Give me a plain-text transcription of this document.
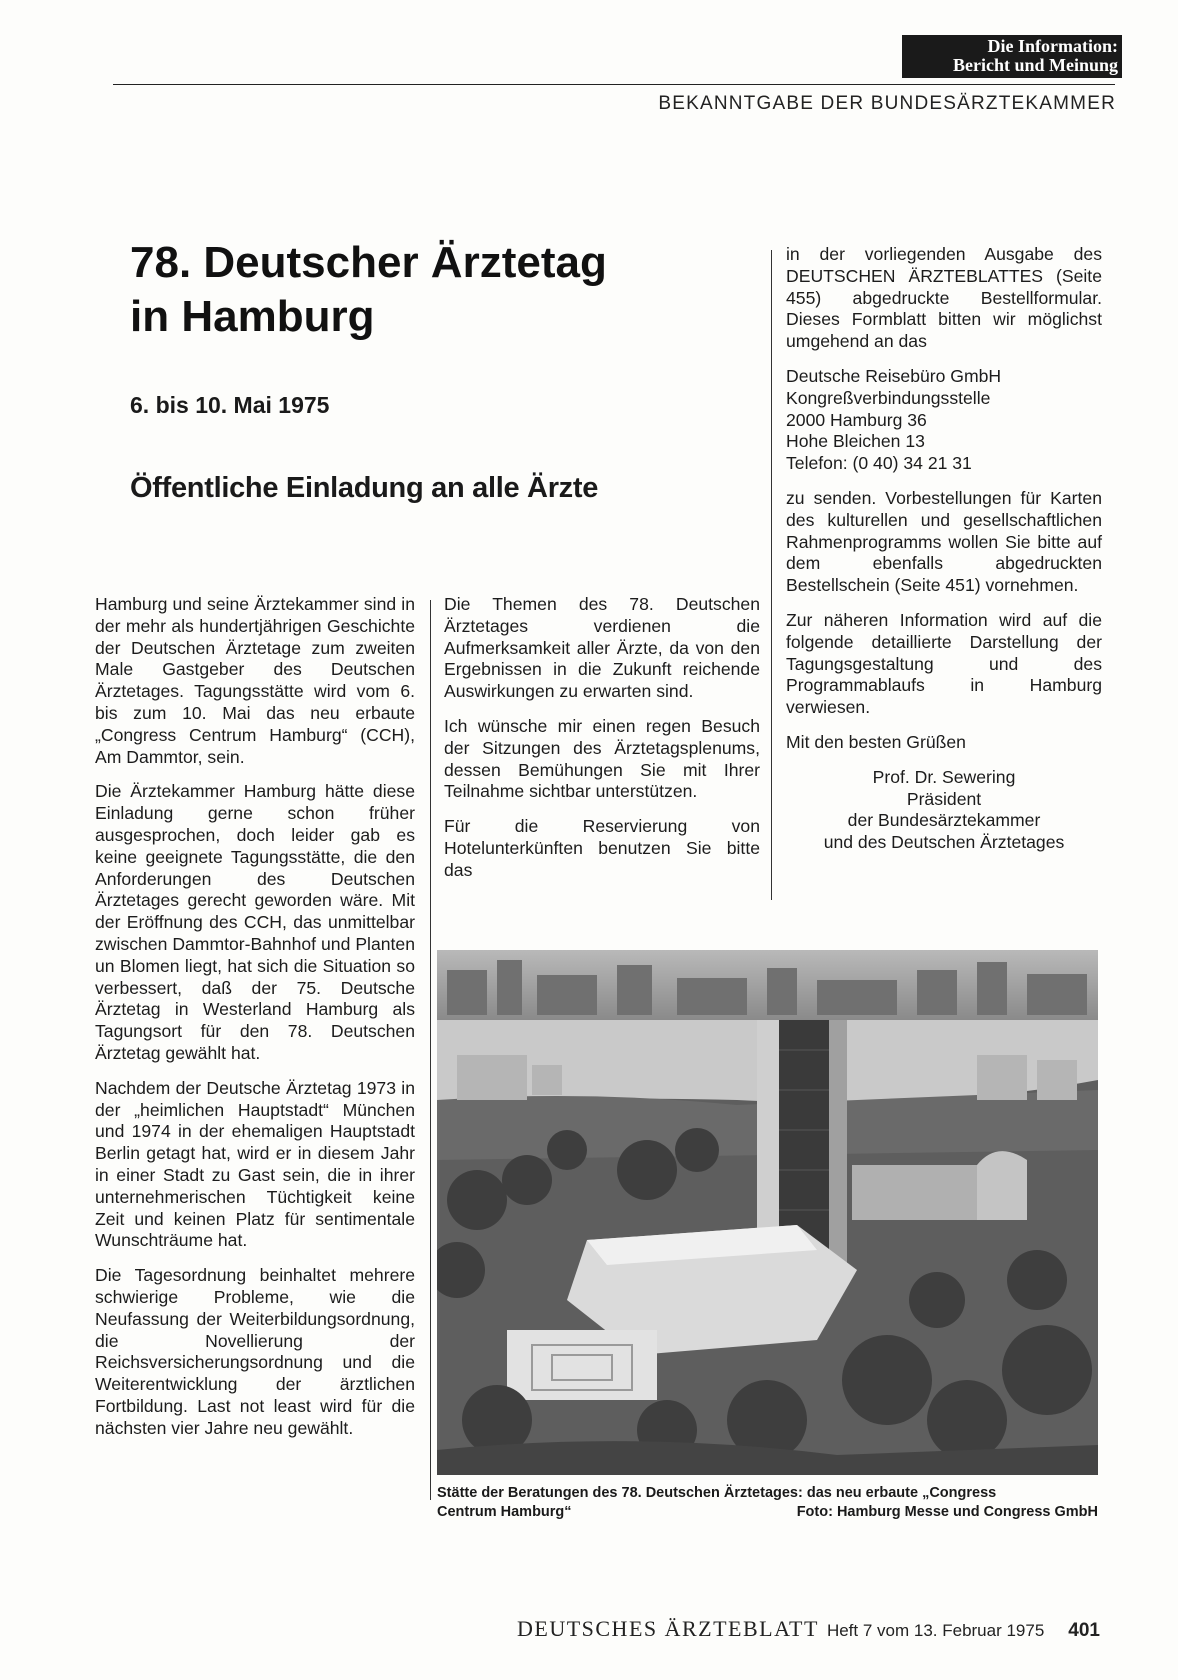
Die Information:
Bericht und Meinung
BEKANNTGABE DER BUNDESÄRZTEKAMMER
78. Deutscher Ärztetag
in Hamburg
6. bis 10. Mai 1975
Öffentliche Einladung an alle Ärzte

Hamburg und seine Ärztekammer sind in der mehr als hundertjährigen Geschichte der Deutschen Ärztetage zum zweiten Male Gastgeber des Deutschen Ärztetages. Tagungsstätte wird vom 6. bis zum 10. Mai das neu erbaute „Congress Centrum Hamburg“ (CCH), Am Dammtor, sein.

Die Ärztekammer Hamburg hätte diese Einladung gerne schon früher ausgesprochen, doch leider gab es keine geeignete Tagungsstätte, die den Anforderungen des Deutschen Ärztetages gerecht geworden wäre. Mit der Eröffnung des CCH, das unmittelbar zwischen Dammtor-Bahnhof und Planten un Blomen liegt, hat sich die Situation so verbessert, daß der 75. Deutsche Ärztetag in Westerland Hamburg als Tagungsort für den 78. Deutschen Ärztetag gewählt hat.

Nachdem der Deutsche Ärztetag 1973 in der „heimlichen Hauptstadt“ München und 1974 in der ehemaligen Hauptstadt Berlin getagt hat, wird er in diesem Jahr in einer Stadt zu Gast sein, die in ihrer unternehmerischen Tüchtigkeit keine Zeit und keinen Platz für sentimentale Wunschträume hat.

Die Tagesordnung beinhaltet mehrere schwierige Probleme, wie die Neufassung der Weiterbildungsordnung, die Novellierung der Reichsversicherungsordnung und die Weiterentwicklung der ärztlichen Fortbildung. Last not least wird für die nächsten vier Jahre neu gewählt.

Die Themen des 78. Deutschen Ärztetages verdienen die Aufmerksamkeit aller Ärzte, da von den Ergebnissen in die Zukunft reichende Auswirkungen zu erwarten sind.

Ich wünsche mir einen regen Besuch der Sitzungen des Ärztetagsplenums, dessen Bemühungen Sie mit Ihrer Teilnahme sichtbar unterstützen.

Für die Reservierung von Hotelunterkünften benutzen Sie bitte das

in der vorliegenden Ausgabe des DEUTSCHEN ÄRZTEBLATTES (Seite 455) abgedruckte Bestellformular. Dieses Formblatt bitten wir möglichst umgehend an das

Deutsche Reisebüro GmbH

Kongreßverbindungsstelle

2000 Hamburg 36

Hohe Bleichen 13

Telefon: (0 40) 34 21 31

zu senden. Vorbestellungen für Karten des kulturellen und gesellschaftlichen Rahmenprogramms wollen Sie bitte auf dem ebenfalls abgedruckten Bestellschein (Seite 451) vornehmen.

Zur näheren Information wird auf die folgende detaillierte Darstellung der Tagungsgestaltung und des Programmablaufs in Hamburg verwiesen.

Mit den besten Grüßen

Prof. Dr. Sewering
Präsident
der Bundesärztekammer
und des Deutschen Ärztetages
Stätte der Beratungen des 78. Deutschen Ärztetages: das neu erbaute „Congress
Centrum Hamburg“	Foto: Hamburg Messe und Congress GmbH
DEUTSCHES ÄRZTEBLATT Heft 7 vom 13. Februar 1975 401
